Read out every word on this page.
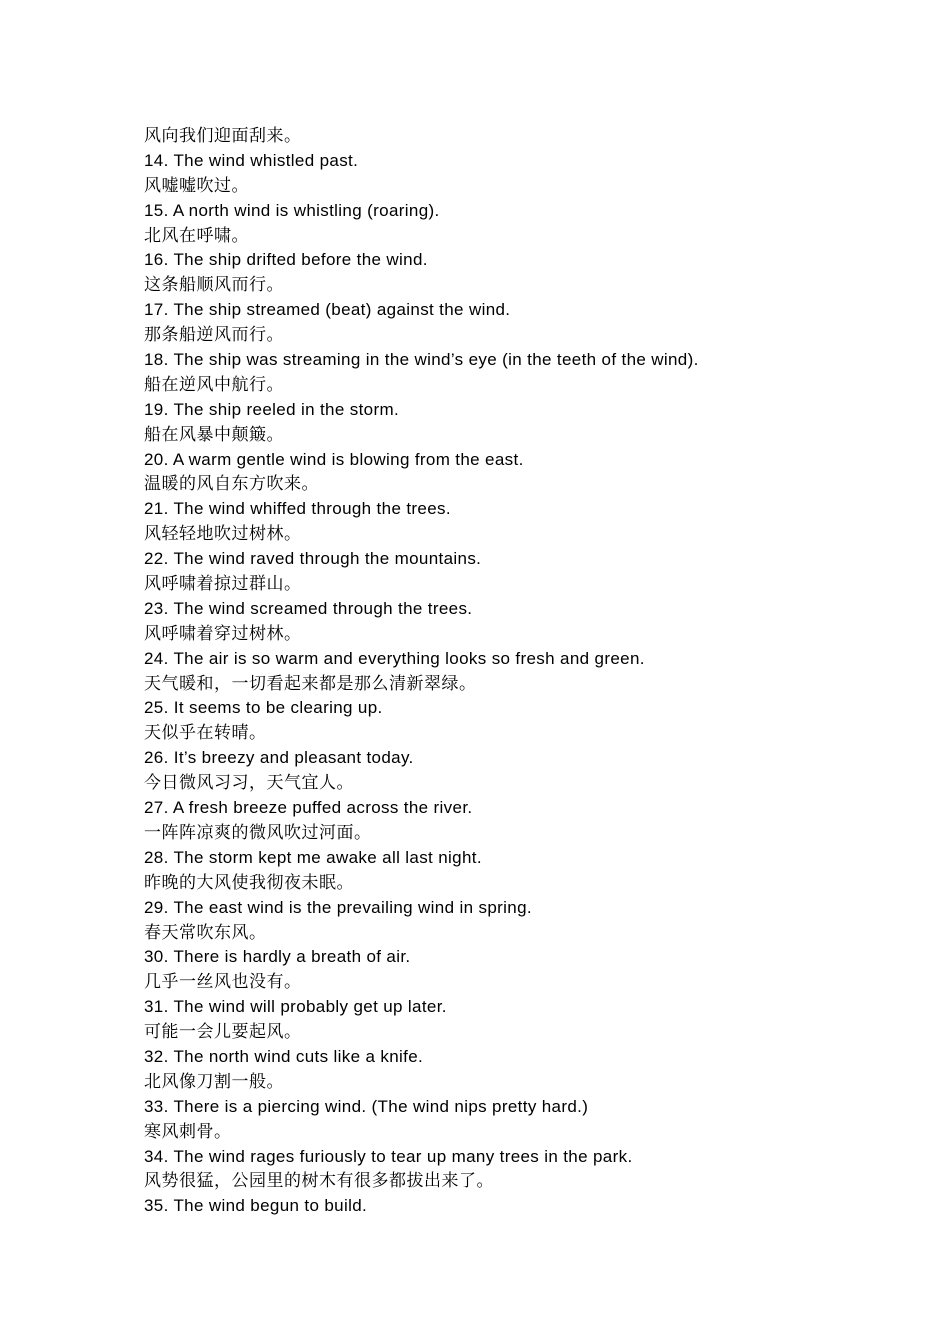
风向我们迎面刮来。
14. The wind whistled past.
风嘘嘘吹过。
15. A north wind is whistling (roaring).
北风在呼啸。
16. The ship drifted before the wind.
这条船顺风而行。
17. The ship streamed (beat) against the wind.
那条船逆风而行。
18. The ship was streaming in the wind’s eye (in the teeth of the wind).
船在逆风中航行。
19. The ship reeled in the storm.
船在风暴中颠簸。
20. A warm gentle wind is blowing from the east.
温暖的风自东方吹来。
21. The wind whiffed through the trees.
风轻轻地吹过树林。
22. The wind raved through the mountains.
风呼啸着掠过群山。
23. The wind screamed through the trees.
风呼啸着穿过树林。
24. The air is so warm and everything looks so fresh and green.
天气暖和，一切看起来都是那么清新翠绿。
25. It seems to be clearing up.
天似乎在转晴。
26. It’s breezy and pleasant today.
今日微风习习，天气宜人。
27. A fresh breeze puffed across the river.
一阵阵凉爽的微风吹过河面。
28. The storm kept me awake all last night.
昨晚的大风使我彻夜未眠。
29. The east wind is the prevailing wind in spring.
春天常吹东风。
30. There is hardly a breath of air.
几乎一丝风也没有。
31. The wind will probably get up later.
可能一会儿要起风。
32. The north wind cuts like a knife.
北风像刀割一般。
33. There is a piercing wind. (The wind nips pretty hard.)
寒风刺骨。
34. The wind rages furiously to tear up many trees in the park.
风势很猛，公园里的树木有很多都拔出来了。
35. The wind begun to build.
